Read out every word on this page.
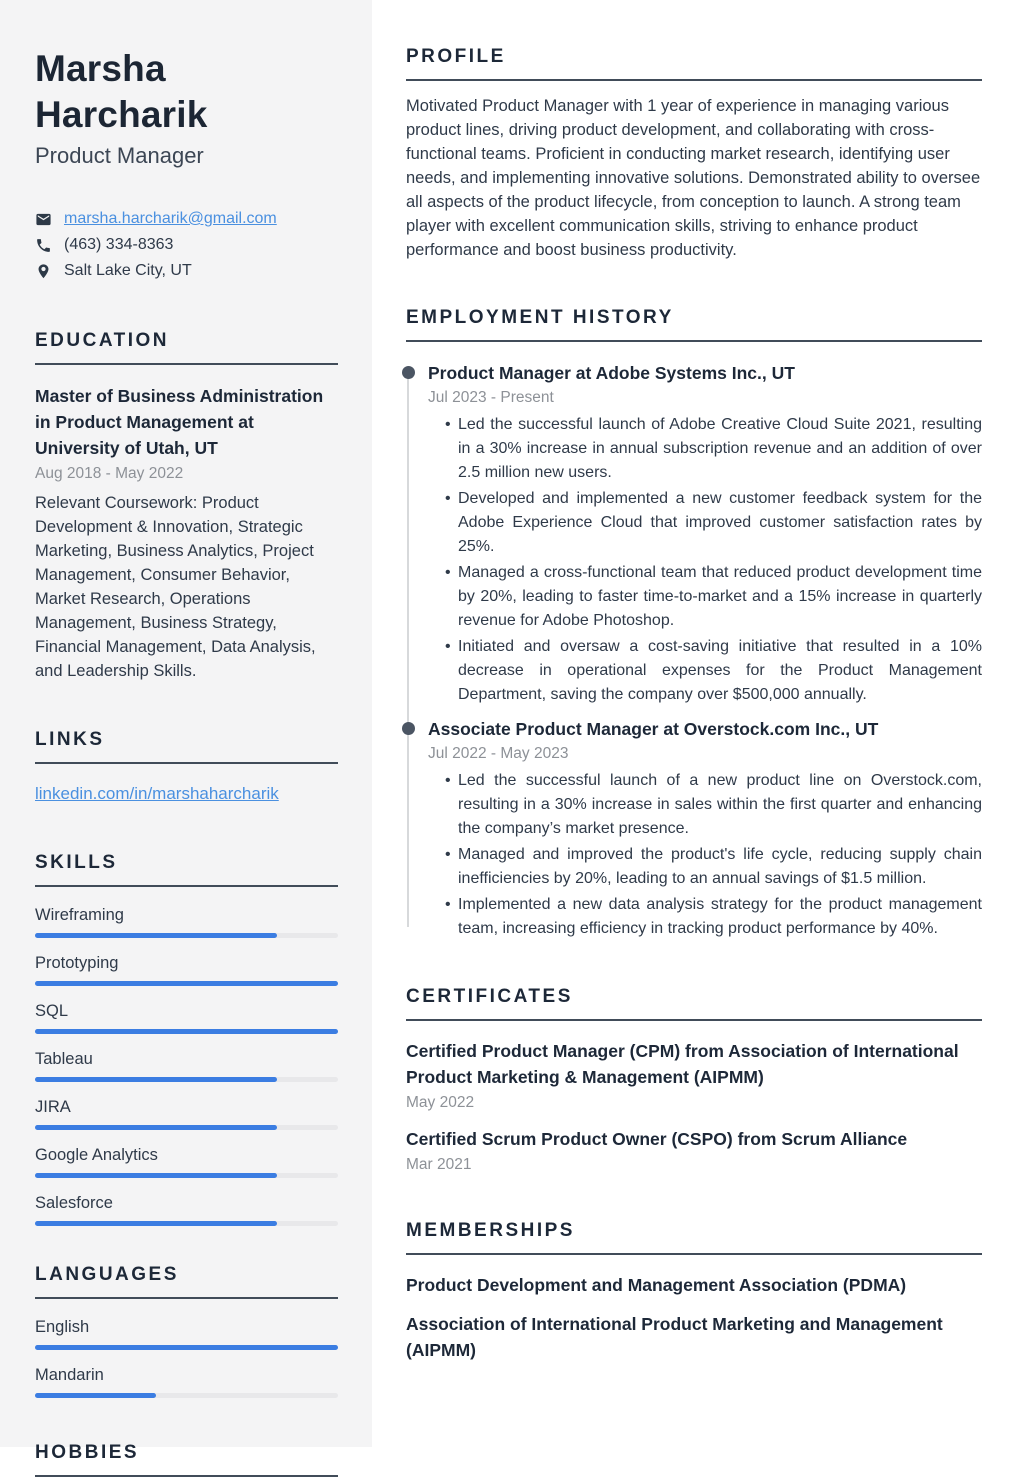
Marsha Harcharik
Product Manager
marsha.harcharik@gmail.com
(463) 334-8363
Salt Lake City, UT
EDUCATION
Master of Business Administration in Product Management at University of Utah, UT
Aug 2018 - May 2022
Relevant Coursework: Product Development & Innovation, Strategic Marketing, Business Analytics, Project Management, Consumer Behavior, Market Research, Operations Management, Business Strategy, Financial Management, Data Analysis, and Leadership Skills.
LINKS
linkedin.com/in/marshaharcharik
SKILLS
Wireframing
Prototyping
SQL
Tableau
JIRA
Google Analytics
Salesforce
LANGUAGES
English
Mandarin
HOBBIES
PROFILE

Motivated Product Manager with 1 year of experience in managing various product lines, driving product development, and collaborating with cross-functional teams. Proficient in conducting market research, identifying user needs, and implementing innovative solutions. Demonstrated ability to oversee all aspects of the product lifecycle, from conception to launch. A strong team player with excellent communication skills, striving to enhance product performance and boost business productivity.

EMPLOYMENT HISTORY
Product Manager at Adobe Systems Inc., UT
Jul 2023 - Present
• Led the successful launch of Adobe Creative Cloud Suite 2021, resulting in a 30% increase in annual subscription revenue and an addition of over 2.5 million new users.
• Developed and implemented a new customer feedback system for the Adobe Experience Cloud that improved customer satisfaction rates by 25%.
• Managed a cross-functional team that reduced product development time by 20%, leading to faster time-to-market and a 15% increase in quarterly revenue for Adobe Photoshop.
• Initiated and oversaw a cost-saving initiative that resulted in a 10% decrease in operational expenses for the Product Management Department, saving the company over $500,000 annually.
Associate Product Manager at Overstock.com Inc., UT
Jul 2022 - May 2023
• Led the successful launch of a new product line on Overstock.com, resulting in a 30% increase in sales within the first quarter and enhancing the company’s market presence.
• Managed and improved the product's life cycle, reducing supply chain inefficiencies by 20%, leading to an annual savings of $1.5 million.
• Implemented a new data analysis strategy for the product management team, increasing efficiency in tracking product performance by 40%.
CERTIFICATES
Certified Product Manager (CPM) from Association of International Product Marketing & Management (AIPMM)
May 2022
Certified Scrum Product Owner (CSPO) from Scrum Alliance
Mar 2021
MEMBERSHIPS
Product Development and Management Association (PDMA)
Association of International Product Marketing and Management (AIPMM)
